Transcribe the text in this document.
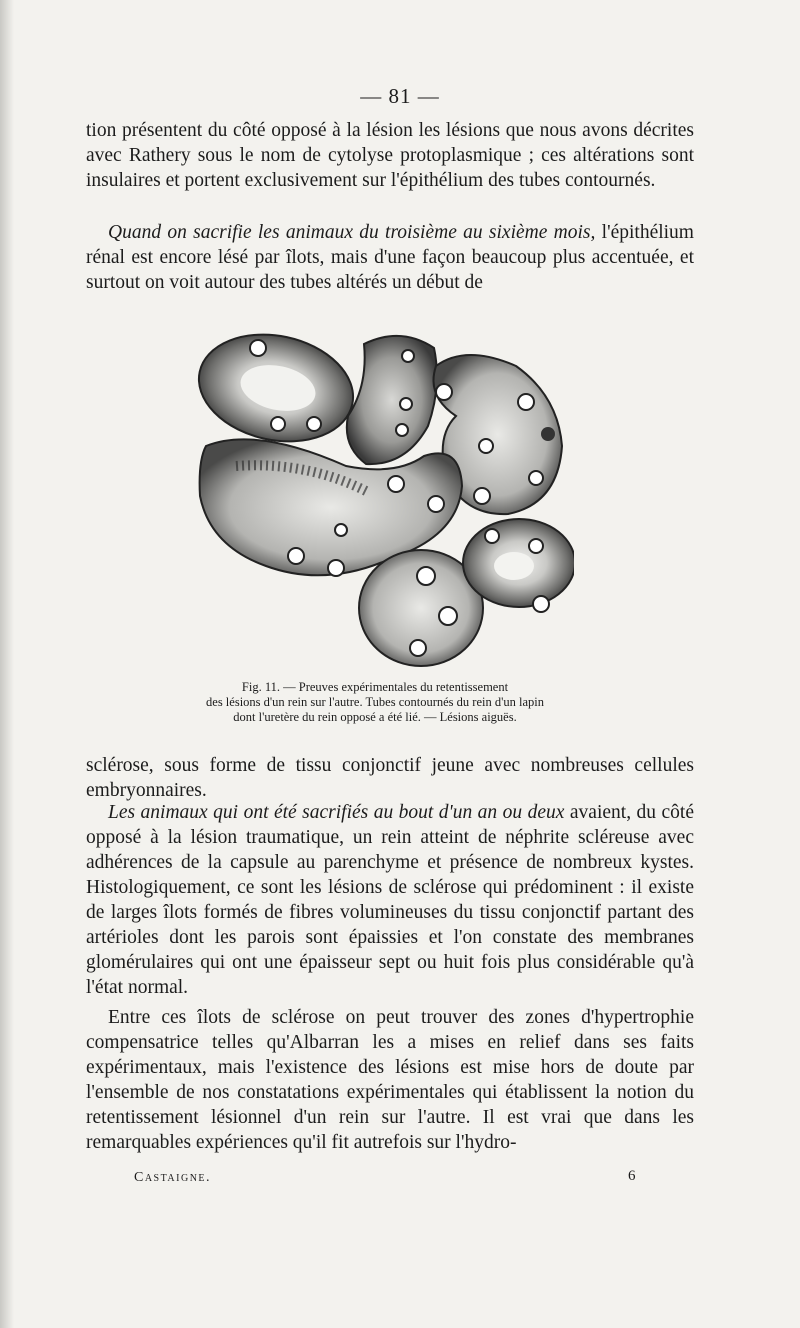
— 81 —

tion présentent du côté opposé à la lésion les lésions que nous avons décrites avec Rathery sous le nom de cytolyse protoplasmique ; ces altérations sont insulaires et portent exclusivement sur l'épithélium des tubes contournés.

Quand on sacrifie les animaux du troisième au sixième mois, l'épithélium rénal est encore lésé par îlots, mais d'une façon beaucoup plus accentuée, et surtout on voit autour des tubes altérés un début de

Fig. 11. — Preuves expérimentales du retentissement
des lésions d'un rein sur l'autre. Tubes contournés du rein d'un lapin
dont l'uretère du rein opposé a été lié. — Lésions aiguës.

sclérose, sous forme de tissu conjonctif jeune avec nombreuses cellules embryonnaires.

Les animaux qui ont été sacrifiés au bout d'un an ou deux avaient, du côté opposé à la lésion traumatique, un rein atteint de néphrite scléreuse avec adhérences de la capsule au parenchyme et présence de nombreux kystes. Histologiquement, ce sont les lésions de sclérose qui prédominent : il existe de larges îlots formés de fibres volumineuses du tissu conjonctif partant des artérioles dont les parois sont épaissies et l'on constate des membranes glomérulaires qui ont une épaisseur sept ou huit fois plus considérable qu'à l'état normal.

Entre ces îlots de sclérose on peut trouver des zones d'hypertrophie compensatrice telles qu'Albarran les a mises en relief dans ses faits expérimentaux, mais l'existence des lésions est mise hors de doute par l'ensemble de nos constatations expérimentales qui établissent la notion du retentissement lésionnel d'un rein sur l'autre. Il est vrai que dans les remarquables expériences qu'il fit autrefois sur l'hydro-

Castaigne.	6
